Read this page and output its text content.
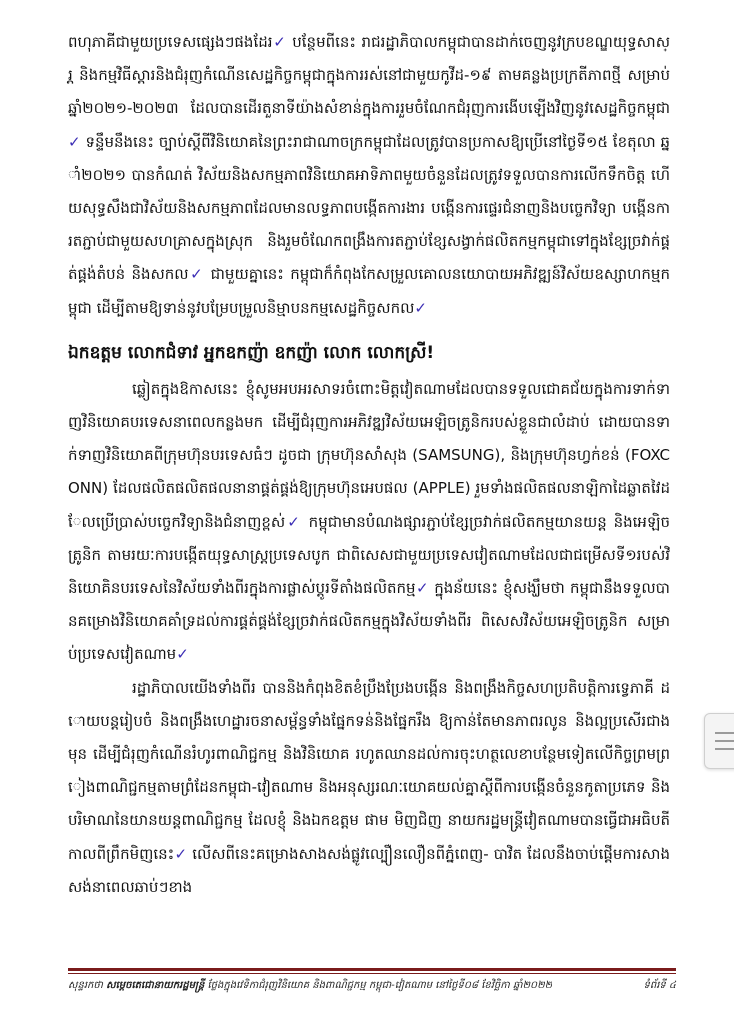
ពហុភាគីជាមួយប្រទេសផ្សេងៗផងដែរ✓ បន្ថែមពីនេះ រាជរដ្ឋាភិបាលកម្ពុជាបានដាក់ចេញនូវក្របខណ្ឌយុទ្ធសាស្រ្ត និងកម្មវិធីស្តារនិងជំរុញកំណើនសេដ្ឋកិច្ចកម្ពុជាក្នុងការរស់នៅជាមួយកូវីដ-១៩ តាមគន្លងប្រក្រតីភាពថ្មី សម្រាប់ឆ្នាំ២០២១-២០២៣ ដែលបានដើរតួនាទីយ៉ាងសំខាន់ក្នុងការរួមចំណែកជំរុញការងើបឡើងវិញនូវសេដ្ឋកិច្ចកម្ពុជា✓ ទន្ទឹមនឹងនេះ ច្បាប់ស្តីពីវិនិយោគនៃព្រះរាជាណាចក្រកម្ពុជាដែលត្រូវបានប្រកាសឱ្យប្រើនៅថ្ងៃទី១៥ ខែតុលា ឆ្នាំ២០២១ បានកំណត់ វិស័យនិងសកម្មភាពវិនិយោគអាទិភាពមួយចំនួនដែលត្រូវទទួលបានការលើកទឹកចិត្ត ហើយសុទ្ធសឹងជាវិស័យនិងសកម្មភាពដែលមានលទ្ធភាពបង្កើតការងារ បង្កើនការផ្ទេរជំនាញនិងបច្ចេកវិទ្យា បង្កើនការតភ្ជាប់ជាមួយសហគ្រាសក្នុងស្រុក និងរួមចំណែកពង្រឹងការតភ្ជាប់ខ្សែសង្វាក់ផលិតកម្មកម្ពុជាទៅក្នុងខ្សែច្រវាក់ផ្គត់ផ្គង់តំបន់ និងសកល✓ ជាមួយគ្នានេះ កម្ពុជាក៏កំពុងកែសម្រួលគោលនយោបាយអភិវឌ្ឍន៍វិស័យឧស្សាហកម្មកម្ពុជា ដើម្បីតាមឱ្យទាន់នូវបម្រែបម្រួលនិម្មាបនកម្មសេដ្ឋកិច្ចសកល✓

ឯកឧត្តម លោកជំទាវ អ្នកឧកញ៉ា ឧកញ៉ា លោក លោកស្រី!

ឆ្លៀតក្នុងឱកាសនេះ ខ្ញុំសូមអបអរសាទរចំពោះមិត្តវៀតណាមដែលបានទទួលជោគជ័យក្នុងការទាក់ទាញវិនិយោគបរទេសនាពេលកន្លងមក ដើម្បីជំរុញការអភិវឌ្ឍវិស័យអេឡិចត្រូនិករបស់ខ្លួនជាលំដាប់ ដោយបានទាក់ទាញវិនិយោគពីក្រុមហ៊ុនបរទេសធំៗ ដូចជា ក្រុមហ៊ុនសាំសុង (SAMSUNG), និងក្រុមហ៊ុនហ្វក់ខន់ (FOXCONN) ដែលផលិតផលិតផលនានាផ្គត់ផ្គង់ឱ្យក្រុមហ៊ុនអេបផល (APPLE) រួមទាំងផលិតផលនាឡិកាដៃឆ្លាតវៃដែលប្រើប្រាស់បច្ចេកវិទ្យានិងជំនាញខ្ពស់✓ កម្ពុជាមានបំណងផ្សារភ្ជាប់ខ្សែច្រវាក់ផលិតកម្មយានយន្ត និងអេឡិចត្រូនិក តាមរយៈការបង្កើតយុទ្ធសាស្រ្តប្រទេសបូក ជាពិសេសជាមួយប្រទេសវៀតណាមដែលជាជម្រើសទី១របស់វិនិយោគិនបរទេសនៃវិស័យទាំងពីរក្នុងការផ្លាស់ប្តូរទីតាំងផលិតកម្ម✓ ក្នុងន័យនេះ ខ្ញុំសង្ឃឹមថា កម្ពុជានឹងទទួលបានគម្រោងវិនិយោគគាំទ្រដល់ការផ្គត់ផ្គង់ខ្សែច្រវាក់ផលិតកម្មក្នុងវិស័យទាំងពីរ ពិសេសវិស័យអេឡិចត្រូនិក សម្រាប់ប្រទេសវៀតណាម✓

រដ្ឋាភិបាលយើងទាំងពីរ បាននិងកំពុងខិតខំប្រឹងប្រែងបង្កើន និងពង្រឹងកិច្ចសហប្រតិបត្តិការទ្វេភាគី ដោយបន្តរៀបចំ និងពង្រឹងហេដ្ឋារចនាសម្ព័ន្ធទាំងផ្នែកទន់និងផ្នែករឹង ឱ្យកាន់តែមានភាពរលូន និងល្អប្រសើរជាងមុន ដើម្បីជំរុញកំណើនរំហូរពាណិជ្ជកម្ម និងវិនិយោគ រហូតឈានដល់ការចុះហត្ថលេខាបន្ថែមទៀតលើកិច្ចព្រមព្រៀងពាណិជ្ជកម្មតាមព្រំដែនកម្ពុជា-វៀតណាម និងអនុស្សរណៈយោគយល់គ្នាស្តីពីការបង្កើនចំនួនកូតាប្រភេទ និងបរិមាណនៃយានយន្តពាណិជ្ជកម្ម ដែលខ្ញុំ និងឯកឧត្តម ផាម មិញជិញ នាយករដ្ឋមន្រ្តីវៀតណាមបានធ្វើជាអធិបតីកាលពីព្រឹកមិញនេះ✓ លើសពីនេះគម្រោងសាងសង់ផ្លូវល្បឿនលឿនពីភ្នំពេញ- បាវិត ដែលនឹងចាប់ផ្តើមការសាងសង់នាពេលឆាប់ៗខាង

សុន្ទរកថា សម្តេចតេជោនាយករដ្ឋមន្ត្រី ថ្លែងក្នុងវេទិកាជំរុញវិនិយោគ និងពាណិជ្ជកម្ម កម្ពុជា-វៀតណាម នៅថ្ងៃទី០៨ ខែវិច្ឆិកា ឆ្នាំ២០២២	ទំព័រទី ៤
